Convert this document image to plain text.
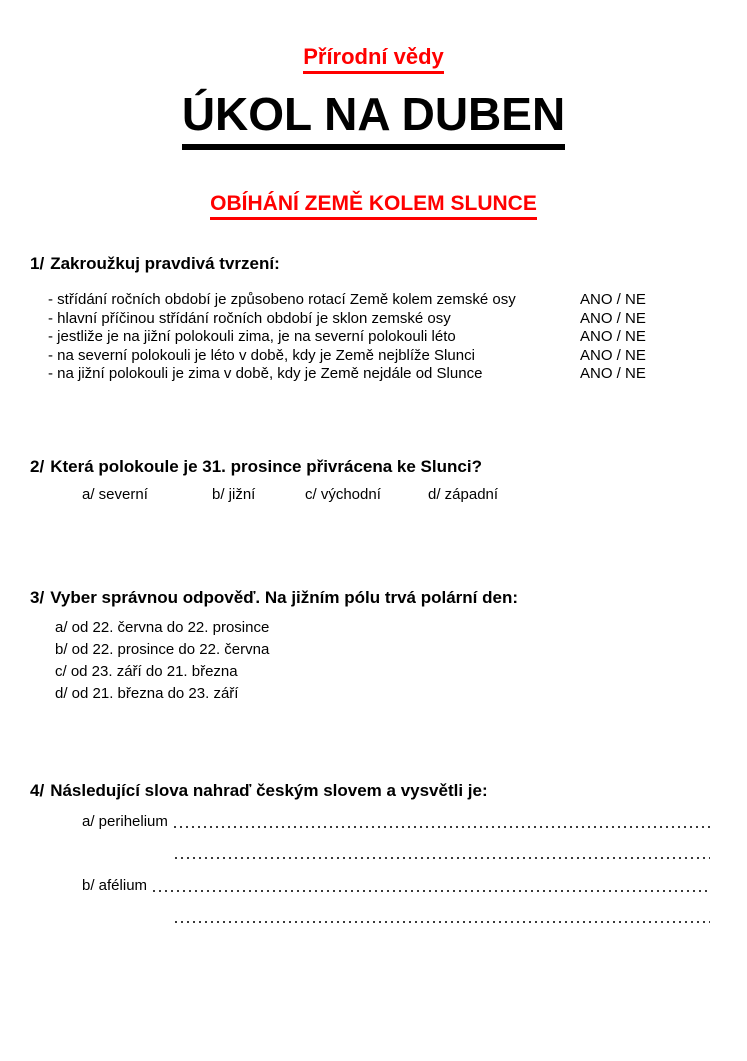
Přírodní vědy
ÚKOL NA DUBEN
OBÍHÁNÍ ZEMĚ KOLEM SLUNCE
1/ Zakroužkuj pravdivá tvrzení:
- střídání ročních období je způsobeno rotací Země kolem zemské osy	ANO / NE
- hlavní příčinou střídání ročních období je sklon zemské osy	ANO / NE
- jestliže je na jižní polokouli zima, je na severní polokouli léto	ANO / NE
- na severní polokouli je léto v době, kdy je Země nejblíže Slunci	ANO / NE
- na jižní polokouli je zima v době, kdy je Země nejdále od Slunce	ANO / NE
2/ Která polokoule je 31. prosince přivrácena ke Slunci?
a/ severní	b/ jižní	c/ východní	d/ západní
3/ Vyber správnou odpověď. Na jižním pólu trvá polární den:
a/ od 22. června do 22. prosince
b/ od 22. prosince do 22. června
c/ od 23. září do 21. března
d/ od 21. března do 23. září
4/ Následující slova nahraď českým slovem a vysvětli je:
a/ perihelium
b/ afélium
